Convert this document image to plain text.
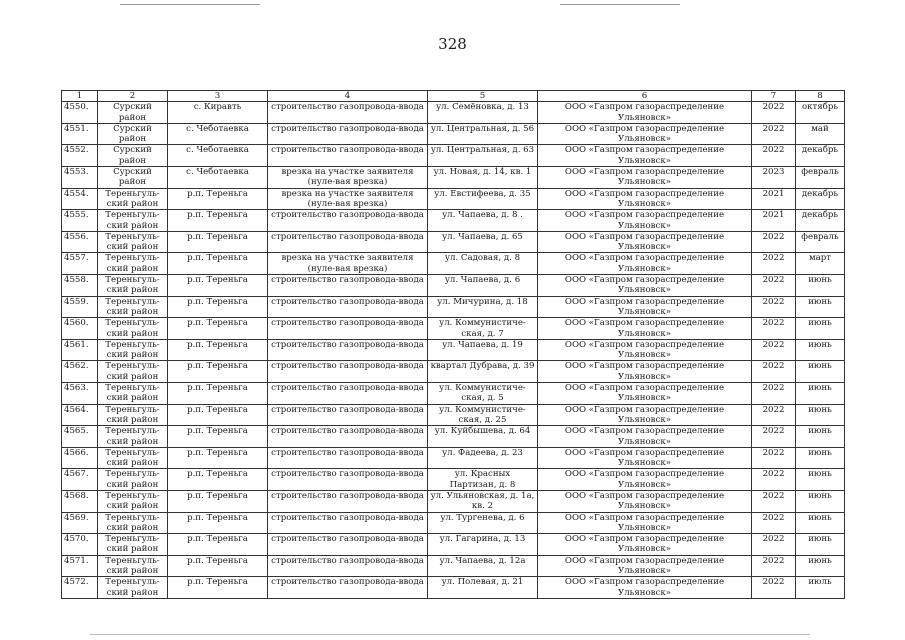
328
1	2	3	4	5	6	7	8
4550.	Сурский район	с. Киравть	строительство газопровода-ввода	ул. Семёновка, д. 13	ООО «Газпром газораспределение Ульяновск»	2022	октябрь
4551.	Сурский район	с. Чеботаевка	строительство газопровода-ввода	ул. Центральная, д. 56	ООО «Газпром газораспределение Ульяновск»	2022	май
4552.	Сурский район	с. Чеботаевка	строительство газопровода-ввода	ул. Центральная, д. 63	ООО «Газпром газораспределение Ульяновск»	2022	декабрь
4553.	Сурский район	с. Чеботаевка	врезка на участке заявителя (нуле-вая врезка)	ул. Новая, д. 14, кв. 1	ООО «Газпром газораспределение Ульяновск»	2023	февраль
4554.	Тереньгуль-ский район	р.п. Тереньга	врезка на участке заявителя (нуле-вая врезка)	ул. Евстифеева, д. 35	ООО «Газпром газораспределение Ульяновск»	2021	декабрь
4555.	Тереньгуль-ский район	р.п. Тереньга	строительство газопровода-ввода	ул. Чапаева, д. 8 .	ООО «Газпром газораспределение Ульяновск»	2021	декабрь
4556.	Тереньгуль-ский район	р.п. Тереньга	строительство газопровода-ввода	ул. Чапаева, д. 65	ООО «Газпром газораспределение Ульяновск»	2022	февраль
4557.	Тереньгуль-ский район	р.п. Тереньга	врезка на участке заявителя (нуле-вая врезка)	ул. Садовая, д. 8	ООО «Газпром газораспределение Ульяновск»	2022	март
4558.	Тереньгуль-ский район	р.п. Тереньга	строительство газопровода-ввода	ул. Чапаева, д. 6	ООО «Газпром газораспределение Ульяновск»	2022	июнь
4559.	Тереньгуль-ский район	р.п. Тереньга	строительство газопровода-ввода	ул. Мичурина, д. 18	ООО «Газпром газораспределение Ульяновск»	2022	июнь
4560.	Тереньгуль-ский район	р.п. Тереньга	строительство газопровода-ввода	ул. Коммунистиче-ская, д. 7	ООО «Газпром газораспределение Ульяновск»	2022	июнь
4561.	Тереньгуль-ский район	р.п. Тереньга	строительство газопровода-ввода	ул. Чапаева, д. 19	ООО «Газпром газораспределение Ульяновск»	2022	июнь
4562.	Тереньгуль-ский район	р.п. Тереньга	строительство газопровода-ввода	квартал Дубрава, д. 39	ООО «Газпром газораспределение Ульяновск»	2022	июнь
4563.	Тереньгуль-ский район	р.п. Тереньга	строительство газопровода-ввода	ул. Коммунистиче-ская, д. 5	ООО «Газпром газораспределение Ульяновск»	2022	июнь
4564.	Тереньгуль-ский район	р.п. Тереньга	строительство газопровода-ввода	ул. Коммунистиче-ская, д. 25	ООО «Газпром газораспределение Ульяновск»	2022	июнь
4565.	Тереньгуль-ский район	р.п. Тереньга	строительство газопровода-ввода	ул. Куйбышева, д. 64	ООО «Газпром газораспределение Ульяновск»	2022	июнь
4566.	Тереньгуль-ский район	р.п. Тереньга	строительство газопровода-ввода	ул. Фадеева, д. 23	ООО «Газпром газораспределение Ульяновск»	2022	июнь
4567.	Тереньгуль-ский район	р.п. Тереньга	строительство газопровода-ввода	ул. Красных Партизан, д. 8	ООО «Газпром газораспределение Ульяновск»	2022	июнь
4568.	Тереньгуль-ский район	р.п. Тереньга	строительство газопровода-ввода	ул. Ульяновская, д. 1а, кв. 2	ООО «Газпром газораспределение Ульяновск»	2022	июнь
4569.	Тереньгуль-ский район	р.п. Тереньга	строительство газопровода-ввода	ул. Тургенева, д. 6	ООО «Газпром газораспределение Ульяновск»	2022	июнь
4570.	Тереньгуль-ский район	р.п. Тереньга	строительство газопровода-ввода	ул. Гагарина, д. 13	ООО «Газпром газораспределение Ульяновск»	2022	июнь
4571.	Тереньгуль-ский район	р.п. Тереньга	строительство газопровода-ввода	ул. Чапаева, д. 12а	ООО «Газпром газораспределение Ульяновск»	2022	июнь
4572.	Тереньгуль-ский район	р.п. Тереньга	строительство газопровода-ввода	ул. Полевая, д. 21	ООО «Газпром газораспределение Ульяновск»	2022	июль
